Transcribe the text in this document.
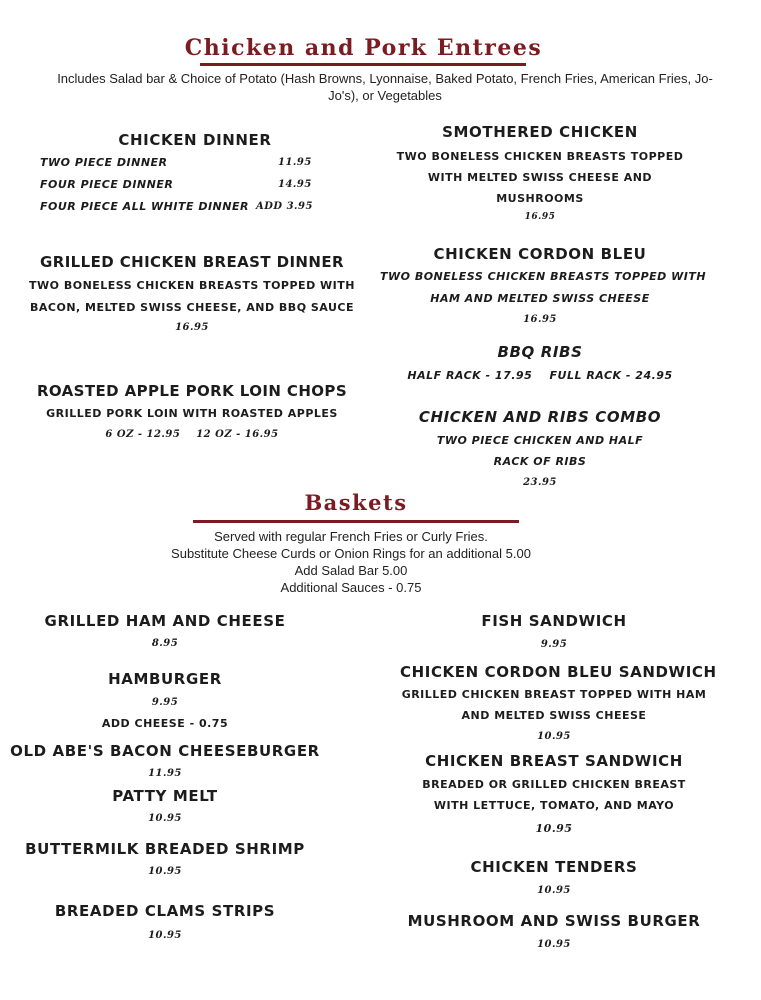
Chicken and Pork Entrees
Includes Salad bar & Choice of Potato (Hash Browns, Lyonnaise, Baked Potato, French Fries, American Fries, Jo-
Jo's), or Vegetables
CHICKEN DINNER
TWO PIECE DINNER	11.95
FOUR PIECE DINNER	14.95
FOUR PIECE ALL WHITE DINNER ADD 3.95
GRILLED CHICKEN BREAST DINNER
TWO BONELESS CHICKEN BREASTS TOPPED WITH
BACON, MELTED SWISS CHEESE, AND BBQ SAUCE
16.95
ROASTED APPLE PORK LOIN CHOPS
GRILLED PORK LOIN WITH ROASTED APPLES
6 OZ - 12.95    12 OZ - 16.95
SMOTHERED CHICKEN
TWO BONELESS CHICKEN BREASTS TOPPED
WITH MELTED SWISS CHEESE AND
MUSHROOMS
16.95
CHICKEN CORDON BLEU
TWO BONELESS CHICKEN BREASTS TOPPED WITH
HAM AND MELTED SWISS CHEESE
16.95
BBQ RIBS
HALF RACK - 17.95    FULL RACK - 24.95
CHICKEN AND RIBS COMBO
TWO PIECE CHICKEN AND HALF
RACK OF RIBS
23.95
Baskets
Served with regular French Fries or Curly Fries.
Substitute Cheese Curds or Onion Rings for an additional 5.00
Add Salad Bar 5.00
Additional Sauces - 0.75
GRILLED HAM AND CHEESE
8.95
HAMBURGER
9.95
ADD CHEESE - 0.75
OLD ABE'S BACON CHEESEBURGER
11.95
PATTY MELT
10.95
BUTTERMILK BREADED SHRIMP
10.95
BREADED CLAMS STRIPS
10.95
FISH SANDWICH
9.95
CHICKEN CORDON BLEU SANDWICH
GRILLED CHICKEN BREAST TOPPED WITH HAM
AND MELTED SWISS CHEESE
10.95
CHICKEN BREAST SANDWICH
BREADED OR GRILLED CHICKEN BREAST
WITH LETTUCE, TOMATO, AND MAYO
10.95
CHICKEN TENDERS
10.95
MUSHROOM AND SWISS BURGER
10.95
